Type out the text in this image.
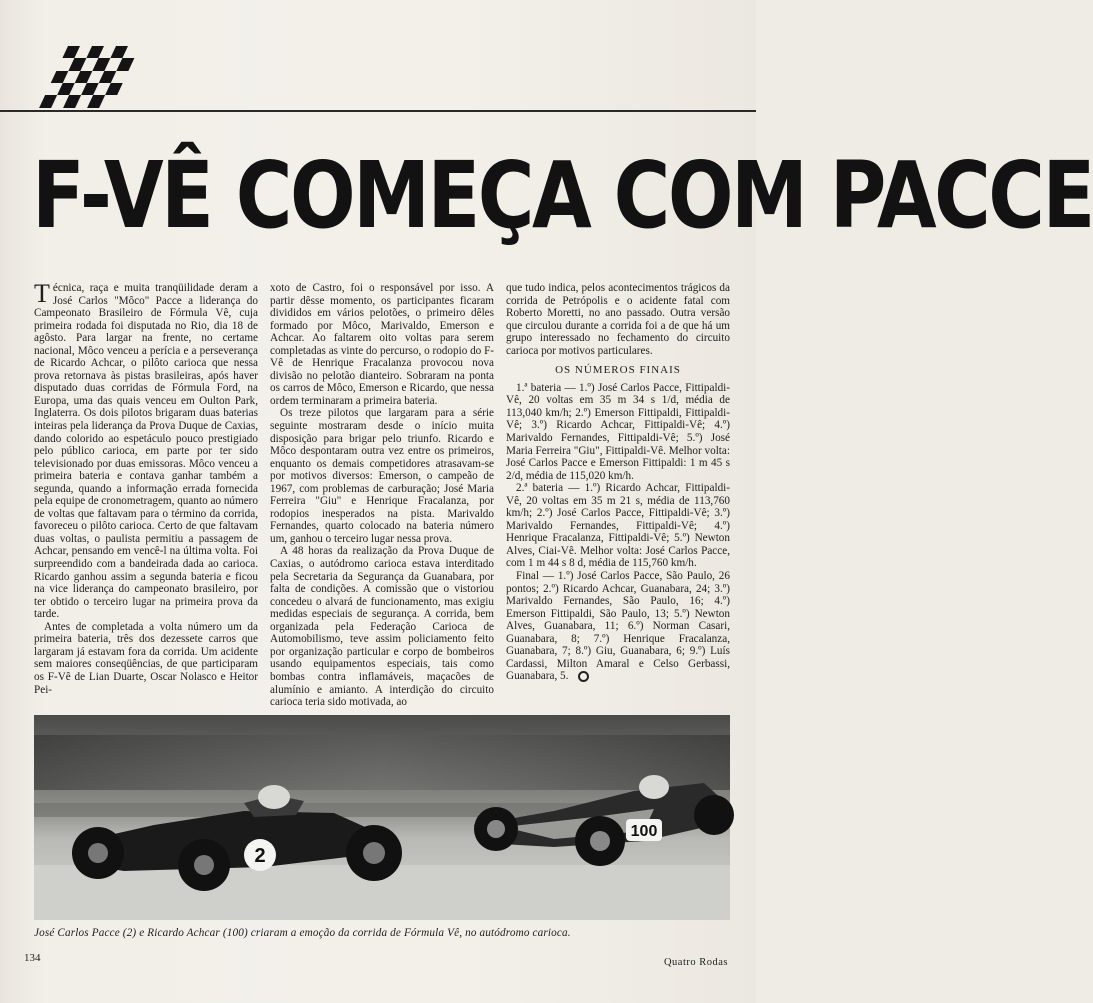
F-VÊ COMEÇA COM PACCE

Técnica, raça e muita tranqüilidade deram a José Carlos "Môco" Pacce a liderança do Campeonato Brasileiro de Fórmula Vê, cuja primeira rodada foi disputada no Rio, dia 18 de agôsto. Para largar na frente, no certame nacional, Môco venceu a perícia e a perseverança de Ricardo Achcar, o pilôto carioca que nessa prova retornava às pistas brasileiras, após haver disputado duas corridas de Fórmula Ford, na Europa, uma das quais venceu em Oulton Park, Inglaterra. Os dois pilotos brigaram duas baterias inteiras pela liderança da Prova Duque de Caxias, dando colorido ao espetáculo pouco prestigiado pelo público carioca, em parte por ter sido televisionado por duas emissoras. Môco venceu a primeira bateria e contava ganhar também a segunda, quando a informação errada fornecida pela equipe de cronometragem, quanto ao número de voltas que faltavam para o término da corrida, favoreceu o pilôto carioca. Certo de que faltavam duas voltas, o paulista permitiu a passagem de Achcar, pensando em vencê-l na última volta. Foi surpreendido com a bandeirada dada ao carioca. Ricardo ganhou assim a segunda bateria e ficou na vice liderança do campeonato brasileiro, por ter obtido o terceiro lugar na primeira prova da tarde.

Antes de completada a volta número um da primeira bateria, três dos dezessete carros que largaram já estavam fora da corrida. Um acidente sem maiores conseqüências, de que participaram os F-Vê de Lian Duarte, Oscar Nolasco e Heitor Pei-

xoto de Castro, foi o responsável por isso. A partir dêsse momento, os participantes ficaram divididos em vários pelotões, o primeiro dêles formado por Môco, Marivaldo, Emerson e Achcar. Ao faltarem oito voltas para serem completadas as vinte do percurso, o rodopio do F-Vê de Henrique Fracalanza provocou nova divisão no pelotão dianteiro. Sobraram na ponta os carros de Môco, Emerson e Ricardo, que nessa ordem terminaram a primeira bateria.

Os treze pilotos que largaram para a série seguinte mostraram desde o início muita disposição para brigar pelo triunfo. Ricardo e Môco despontaram outra vez entre os primeiros, enquanto os demais competidores atrasavam-se por motivos diversos: Emerson, o campeão de 1967, com problemas de carburação; José Maria Ferreira "Giu" e Henrique Fracalanza, por rodopios inesperados na pista. Marivaldo Fernandes, quarto colocado na bateria número um, ganhou o terceiro lugar nessa prova.

A 48 horas da realização da Prova Duque de Caxias, o autódromo carioca estava interditado pela Secretaria da Segurança da Guanabara, por falta de condições. A comissão que o vistoriou concedeu o alvará de funcionamento, mas exigiu medidas especiais de segurança. A corrida, bem organizada pela Federação Carioca de Automobilismo, teve assim policiamento feito por organização particular e corpo de bombeiros usando equipamentos especiais, tais como bombas contra inflamáveis, maçacões de alumínio e amianto. A interdição do circuito carioca teria sido motivada, ao

que tudo indica, pelos acontecimentos trágicos da corrida de Petrópolis e o acidente fatal com Roberto Moretti, no ano passado. Outra versão que circulou durante a corrida foi a de que há um grupo interessado no fechamento do circuito carioca por motivos particulares.

OS NÚMEROS FINAIS

1.ª bateria — 1.º) José Carlos Pacce, Fittipaldi-Vê, 20 voltas em 35 m 34 s 1/d, média de 113,040 km/h; 2.º) Emerson Fittipaldi, Fittipaldi-Vê; 3.º) Ricardo Achcar, Fittipaldi-Vê; 4.º) Marivaldo Fernandes, Fittipaldi-Vê; 5.º) José Maria Ferreira "Giu", Fittipaldi-Vê. Melhor volta: José Carlos Pacce e Emerson Fittipaldi: 1 m 45 s 2/d, média de 115,020 km/h.

2.ª bateria — 1.º) Ricardo Achcar, Fittipaldi-Vê, 20 voltas em 35 m 21 s, média de 113,760 km/h; 2.º) José Carlos Pacce, Fittipaldi-Vê; 3.º) Marivaldo Fernandes, Fittipaldi-Vê; 4.º) Henrique Fracalanza, Fittipaldi-Vê; 5.º) Newton Alves, Ciai-Vê. Melhor volta: José Carlos Pacce, com 1 m 44 s 8 d, média de 115,760 km/h.

Final — 1.º) José Carlos Pacce, São Paulo, 26 pontos; 2.º) Ricardo Achcar, Guanabara, 24; 3.º) Marivaldo Fernandes, São Paulo, 16; 4.º) Emerson Fittipaldi, São Paulo, 13; 5.º) Newton Alves, Guanabara, 11; 6.º) Norman Casari, Guanabara, 8; 7.º) Henrique Fracalanza, Guanabara, 7; 8.º) Giu, Guanabara, 6; 9.º) Luís Cardassi, Milton Amaral e Celso Gerbassi, Guanabara, 5.

2
100

José Carlos Pacce (2) e Ricardo Achcar (100) criaram a emoção da corrida de Fórmula Vê, no autódromo carioca.

134	Quatro Rodas
